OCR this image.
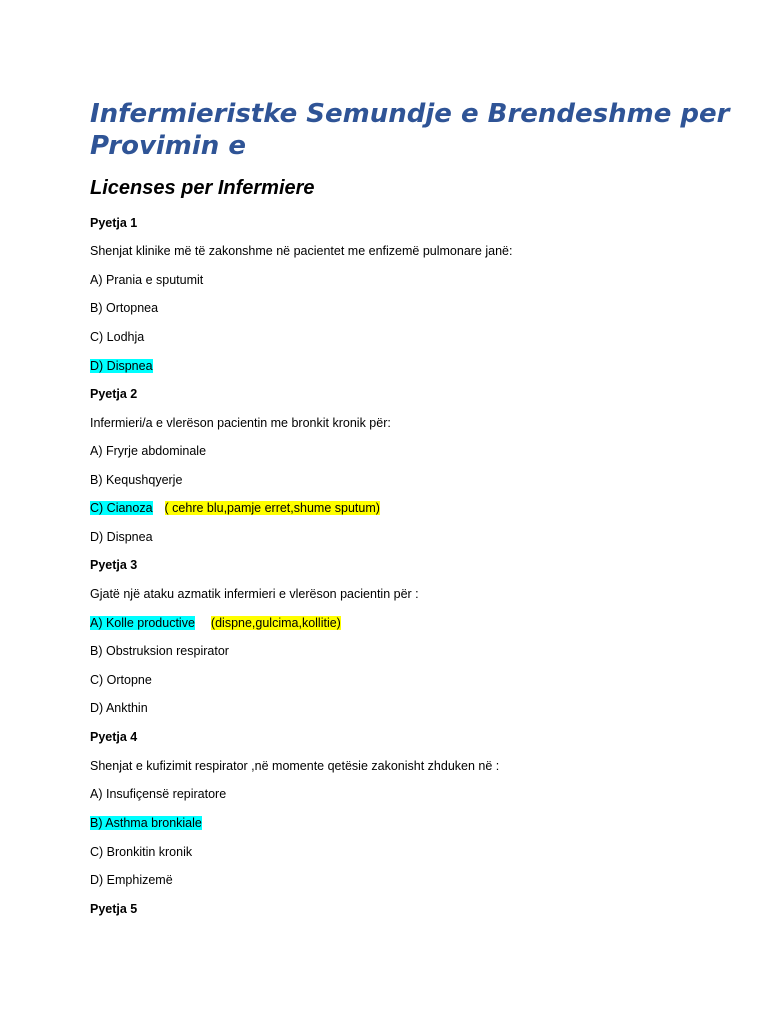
Infermieristke Semundje e Brendeshme per Provimin e
Licenses per Infermiere

Pyetja 1

Shenjat klinike më të zakonshme në pacientet me enfizemë pulmonare janë:

A) Prania e sputumit

B) Ortopnea

C) Lodhja

D) Dispnea

Pyetja 2

Infermieri/a e vlerëson pacientin me bronkit kronik për:

A) Fryrje abdominale

B) Kequshqyerje

C) Cianoza ( cehre blu,pamje erret,shume sputum)

D) Dispnea

Pyetja 3

Gjatë një ataku azmatik infermieri e vlerëson pacientin për :

A) Kolle productive (dispne,gulcima,kollitie)

B) Obstruksion respirator

C) Ortopne

D) Ankthin

Pyetja 4

Shenjat e kufizimit respirator ,në momente qetësie zakonisht zhduken në :

A) Insufiçensë repiratore

B) Asthma bronkiale

C) Bronkitin kronik

D) Emphizemë

Pyetja 5
